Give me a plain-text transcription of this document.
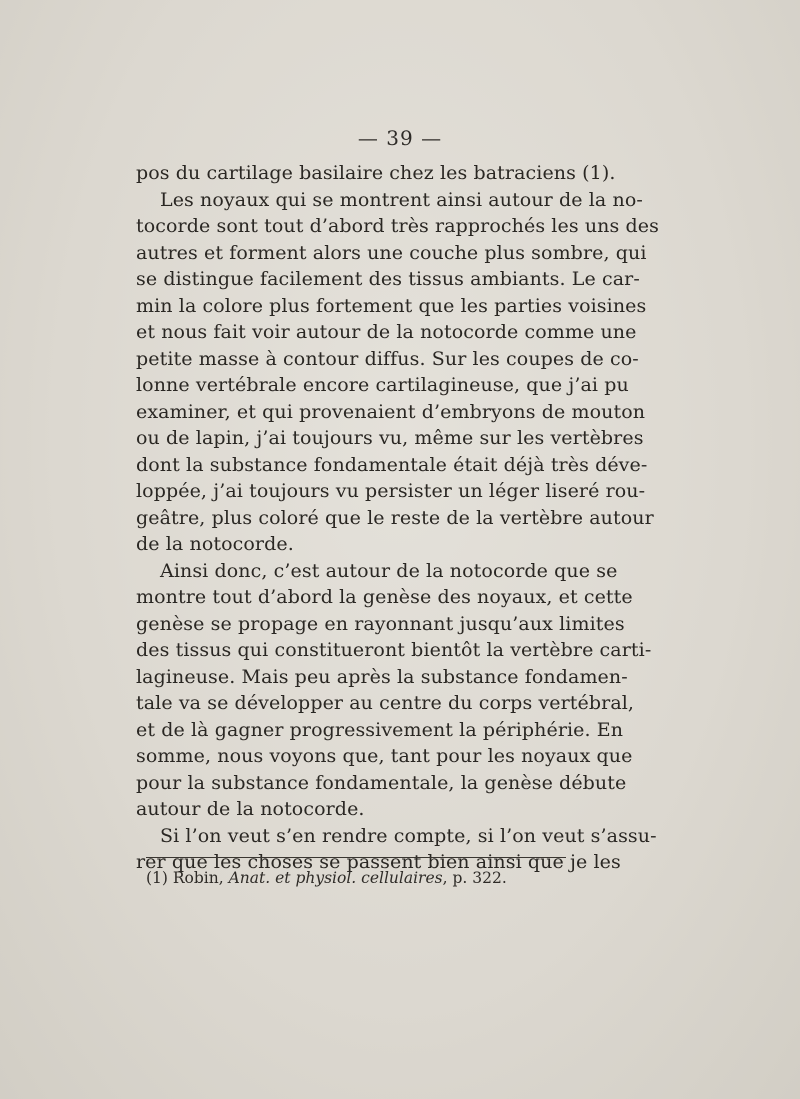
— 39 —
pos du cartilage basilaire chez les batraciens (1).
Les noyaux qui se montrent ainsi autour de la no-
tocorde sont tout d’abord très rapprochés les uns des
autres et forment alors une couche plus sombre, qui
se distingue facilement des tissus ambiants. Le car-
min la colore plus fortement que les parties voisines
et nous fait voir autour de la notocorde comme une
petite masse à contour diffus. Sur les coupes de co-
lonne vertébrale encore cartilagineuse, que j’ai pu
examiner, et qui provenaient d’embryons de mouton
ou de lapin, j’ai toujours vu, même sur les vertèbres
dont la substance fondamentale était déjà très déve-
loppée, j’ai toujours vu persister un léger liseré rou-
geâtre, plus coloré que le reste de la vertèbre autour
de la notocorde.
Ainsi donc, c’est autour de la notocorde que se
montre tout d’abord la genèse des noyaux, et cette
genèse se propage en rayonnant jusqu’aux limites
des tissus qui constitueront bientôt la vertèbre carti-
lagineuse. Mais peu après la substance fondamen-
tale va se développer au centre du corps vertébral,
et de là gagner progressivement la périphérie. En
somme, nous voyons que, tant pour les noyaux que
pour la substance fondamentale, la genèse débute
autour de la notocorde.
Si l’on veut s’en rendre compte, si l’on veut s’assu-
rer que les choses se passent bien ainsi que je les
(1) Robin, Anat. et physiol. cellulaires, p. 322.
